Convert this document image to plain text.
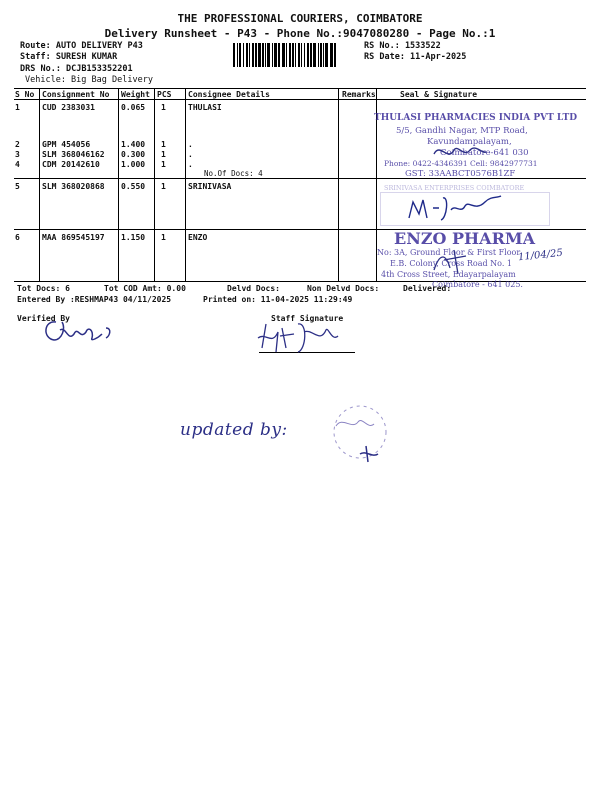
THE PROFESSIONAL COURIERS, COIMBATORE
Delivery Runsheet - P43 - Phone No.:9047080280 - Page No.:1
Route: AUTO DELIVERY P43
Staff: SURESH KUMAR
DRS No.: DCJB153352201
Vehicle: Big Bag Delivery
RS No.: 1533522
RS Date: 11-Apr-2025
S No Consignment No Weight PCS Consignee Details	Remarks	Seal & Signature
1	CUD 2383031	0.065 1	THULASI
2	GPM 454056	1.400 1	.
3	SLM 368046162 0.300 1	.
4	CDM 20142610	1.000 1	.
No.Of Docs: 4
5	SLM 368020868 0.550 1	SRINIVASA
6	MAA 869545197 1.150 1	ENZO
THULASI PHARMACIES INDIA PVT LTD
5/5, Gandhi Nagar, MTP Road,
Kavundampalayam,
Coimbatore-641 030
Phone: 0422-4346391 Cell: 9842977731
GST: 33AABCT0576B1ZF
SRINIVASA ENTERPRISES COIMBATORE
ENZO PHARMA
No: 3A, Ground Floor & First Floor
E.B. Colony, Cross Road No. 1
4th Cross Street, Edayarpalayam
Coimbatore - 641 025.
11/04/25
Tot Docs: 6	Tot COD Amt: 0.00	Delvd Docs:	Non Delvd Docs:	Delivered:
Entered By :RESHMAP43 04/11/2025	Printed on: 11-04-2025 11:29:49
Verified By	Staff Signature
updated by:
